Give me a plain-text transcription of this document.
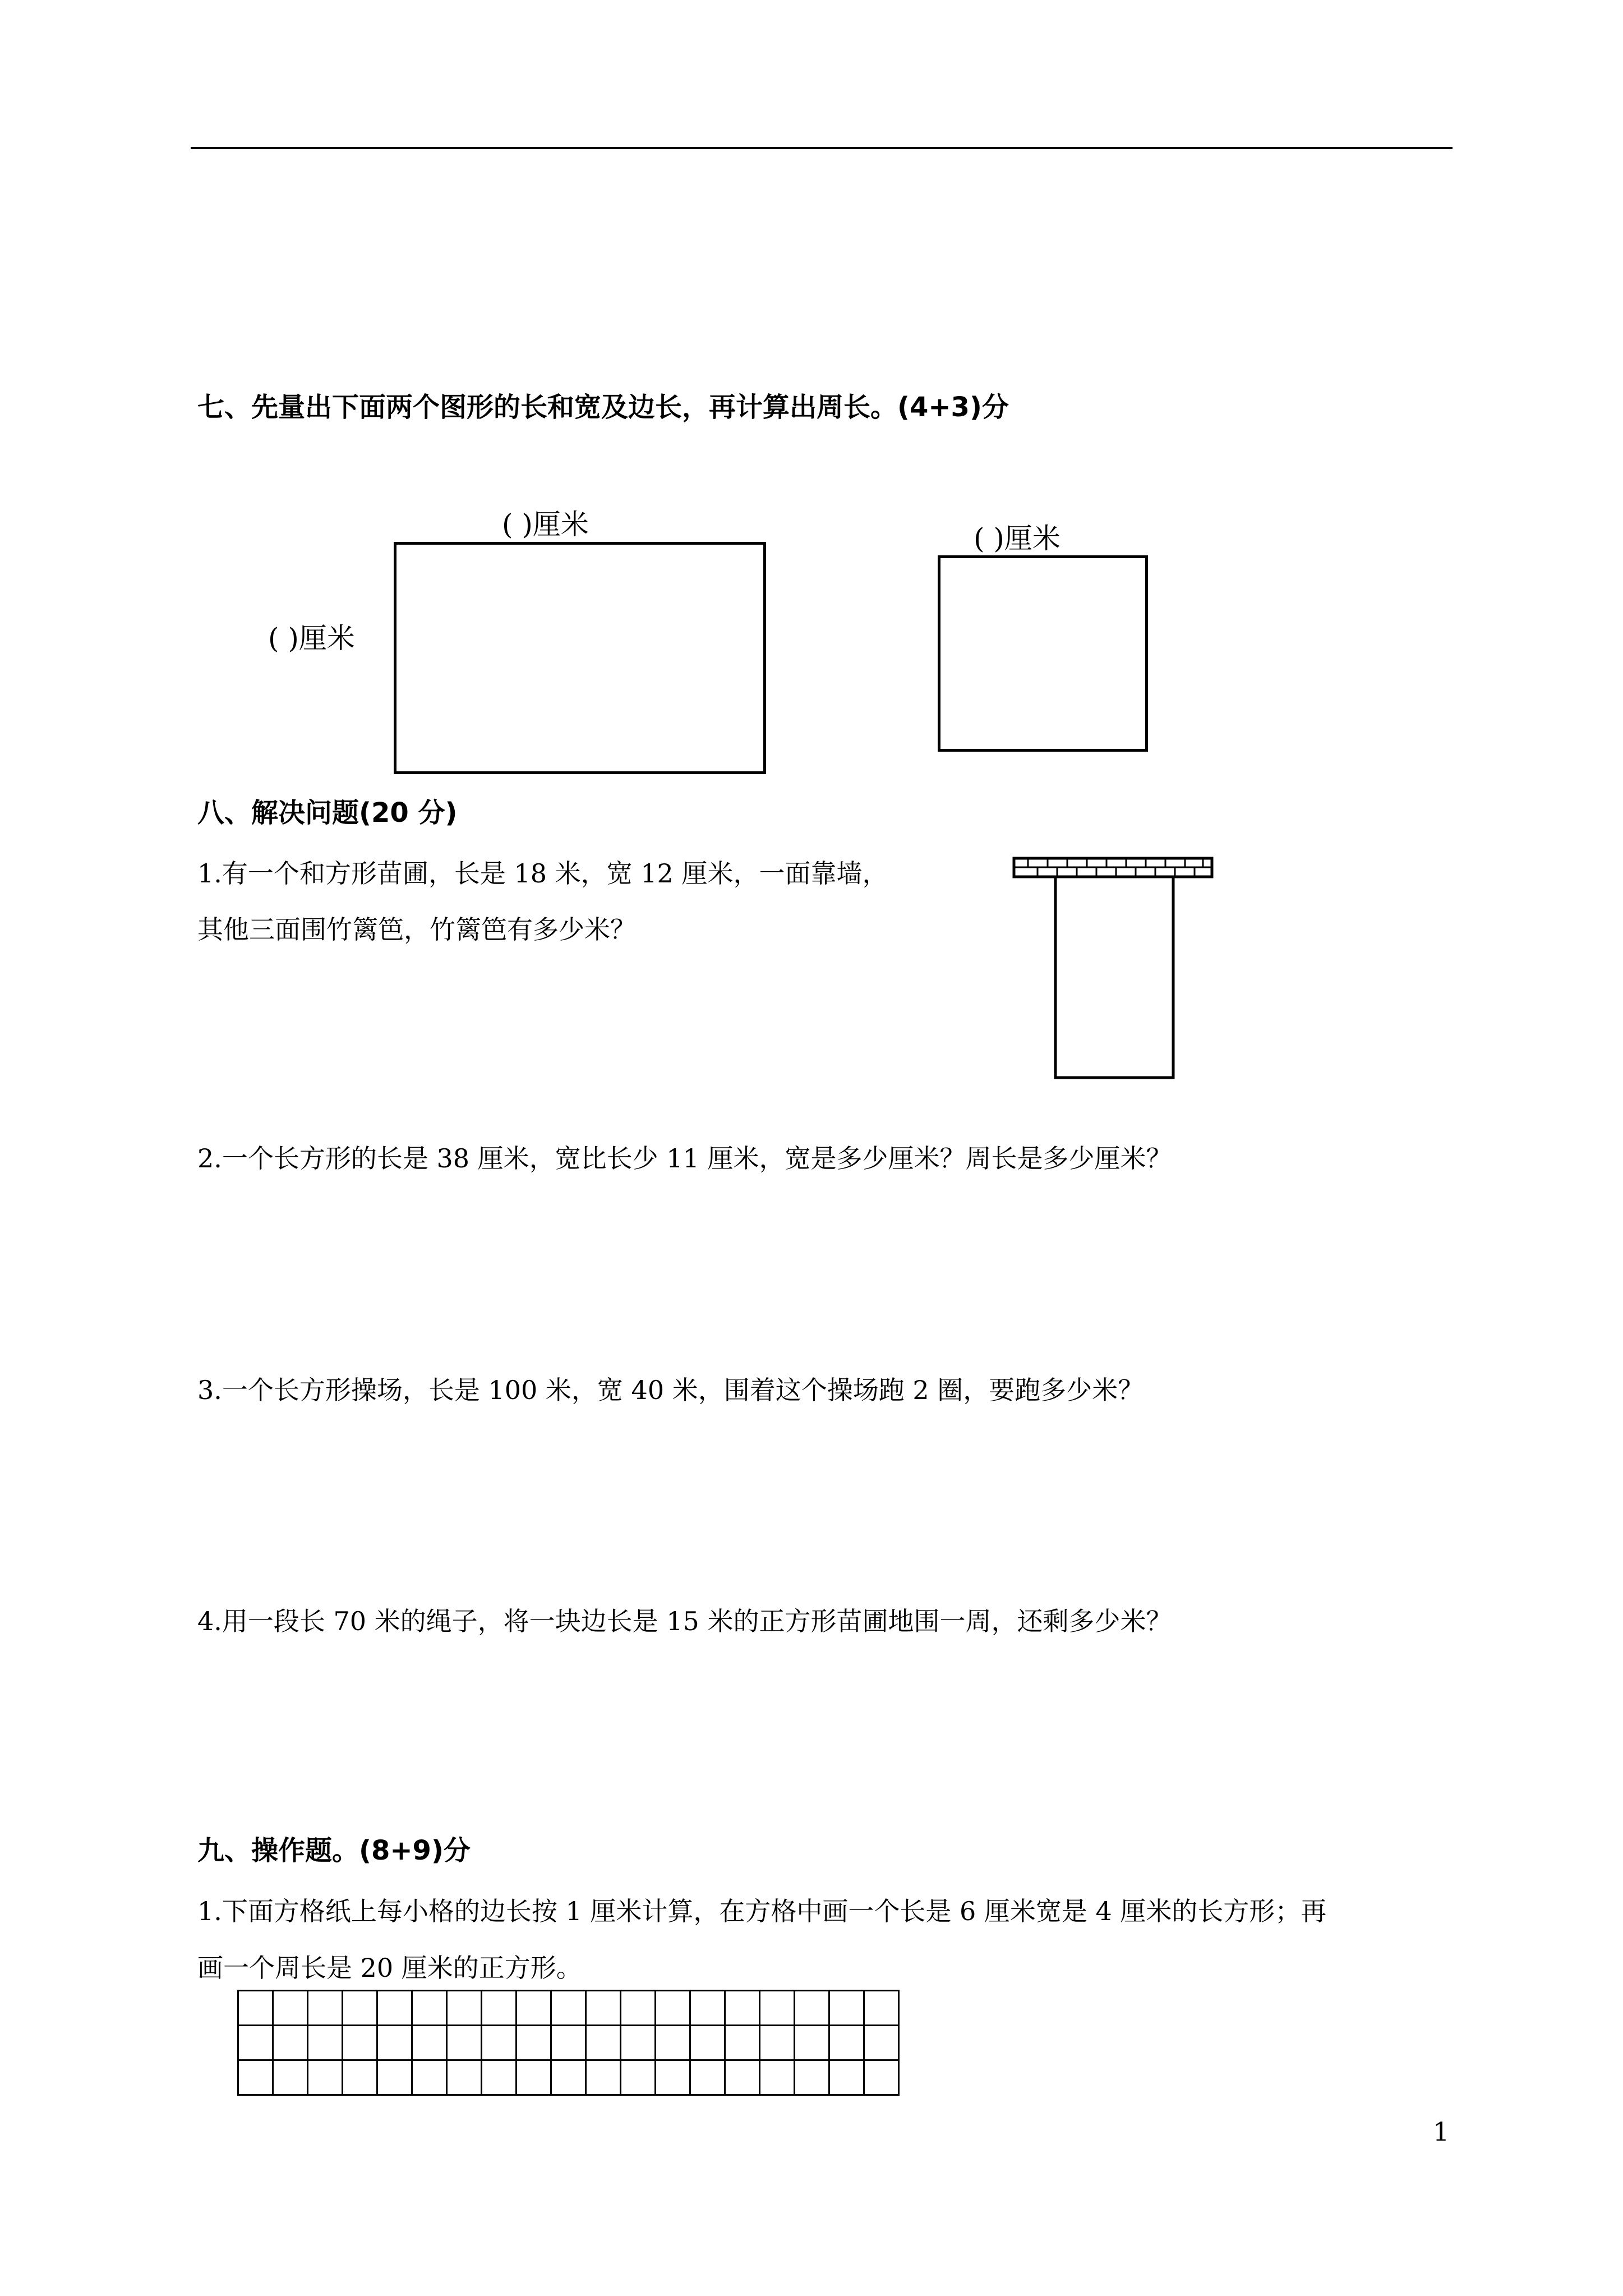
七、先量出下面两个图形的长和宽及边长，再计算出周长。(4+3)分
( )厘米
( )厘米
( )厘米
八、解决问题(20 分)
1.有一个和方形苗圃，长是 18 米，宽 12 厘米，一面靠墙，
其他三面围竹篱笆，竹篱笆有多少米？
2.一个长方形的长是 38 厘米，宽比长少 11 厘米，宽是多少厘米？周长是多少厘米？
3.一个长方形操场，长是 100 米，宽 40 米，围着这个操场跑 2 圈，要跑多少米？
4.用一段长 70 米的绳子，将一块边长是 15 米的正方形苗圃地围一周，还剩多少米？
九、操作题。(8+9)分
1.下面方格纸上每小格的边长按 1 厘米计算，在方格中画一个长是 6 厘米宽是 4 厘米的长方形；再
画一个周长是 20 厘米的正方形。

1
